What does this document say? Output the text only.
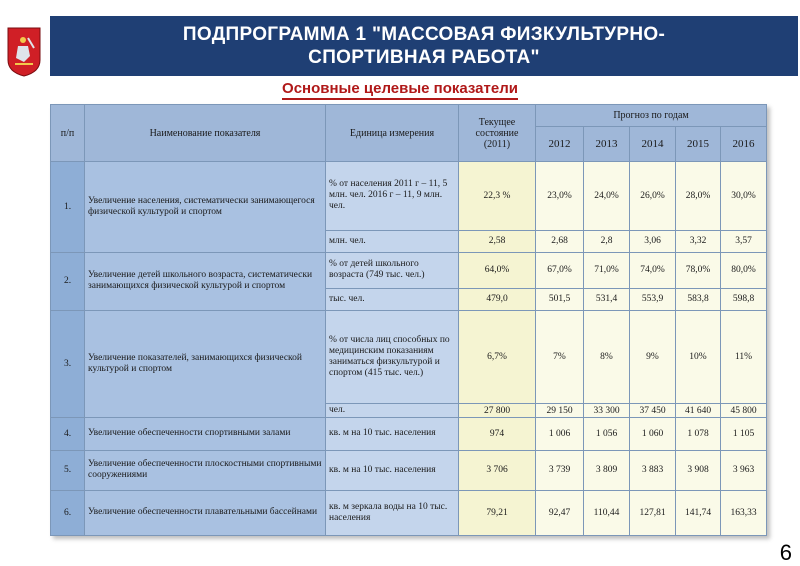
ПОДПРОГРАММА 1 "МАССОВАЯ ФИЗКУЛЬТУРНО-
СПОРТИВНАЯ РАБОТА"
Основные целевые показатели
п/п	Наименование показателя	Единица измерения	Текущее состояние (2011)	Прогноз по годам				
				2012	2013	2014	2015	2016
1.	Увеличение населения, систематически занимающегося физической культурой и спортом	% от населения 2011 г – 11, 5 млн. чел. 2016 г – 11, 9 млн. чел.	22,3 %	23,0%	24,0%	26,0%	28,0%	30,0%
		млн. чел.	2,58	2,68	2,8	3,06	3,32	3,57
2.	Увеличение детей школьного возраста, систематически занимающихся физической культурой и спортом	% от детей школьного возраста (749 тыс. чел.)	64,0%	67,0%	71,0%	74,0%	78,0%	80,0%
		тыс. чел.	479,0	501,5	531,4	553,9	583,8	598,8
3.	Увеличение показателей, занимающихся физической культурой и спортом	% от числа лиц способных по медицинским показаниям заниматься физкультурой и спортом (415 тыс. чел.)	6,7%	7%	8%	9%	10%	11%
		чел.	27 800	29 150	33 300	37 450	41 640	45 800
4.	Увеличение обеспеченности спортивными залами	кв. м на 10 тыс. населения	974	1 006	1 056	1 060	1 078	1 105
5.	Увеличение обеспеченности плоскостными спортивными сооружениями	кв. м на 10 тыс. населения	3 706	3 739	3 809	3 883	3 908	3 963
6.	Увеличение обеспеченности плавательными бассейнами	кв. м зеркала воды на 10 тыс. населения	79,21	92,47	110,44	127,81	141,74	163,33
6
